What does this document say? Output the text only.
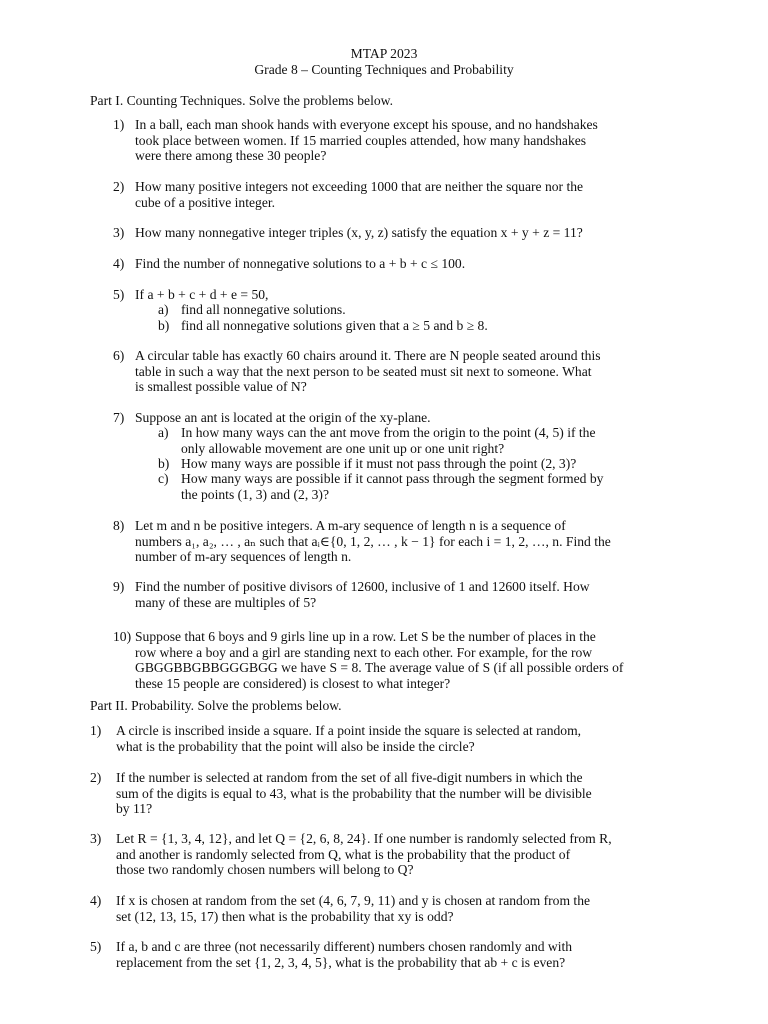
MTAP 2023
Grade 8 – Counting Techniques and Probability
Part I. Counting Techniques. Solve the problems below.
1) In a ball, each man shook hands with everyone except his spouse, and no handshakes

took place between women. If 15 married couples attended, how many handshakes

were there among these 30 people?

2) How many positive integers not exceeding 1000 that are neither the square nor the

cube of a positive integer.

3) How many nonnegative integer triples (x, y, z) satisfy the equation x + y + z = 11?

4) Find the number of nonnegative solutions to a + b + c ≤ 100.

5) If a + b + c + d + e = 50,

a) find all nonnegative solutions.
b) find all nonnegative solutions given that a ≥ 5 and b ≥ 8.
6) A circular table has exactly 60 chairs around it. There are N people seated around this

table in such a way that the next person to be seated must sit next to someone. What

is smallest possible value of N?

7) Suppose an ant is located at the origin of the xy-plane.

a) In how many ways can the ant move from the origin to the point (4, 5) if the
only allowable movement are one unit up or one unit right?
b) How many ways are possible if it must not pass through the point (2, 3)?
c) How many ways are possible if it cannot pass through the segment formed by
the points (1, 3) and (2, 3)?
8) Let m and n be positive integers. A m-ary sequence of length n is a sequence of

numbers a₁, a₂, … , aₙ such that aᵢ∈{0, 1, 2, … , k − 1} for each i = 1, 2, …, n. Find the

number of m-ary sequences of length n.

9) Find the number of positive divisors of 12600, inclusive of 1 and 12600 itself. How

many of these are multiples of 5?

10) Suppose that 6 boys and 9 girls line up in a row. Let S be the number of places in the

row where a boy and a girl are standing next to each other. For example, for the row

GBGGBBGBBGGGBGG we have S = 8. The average value of S (if all possible orders of

these 15 people are considered) is closest to what integer?

Part II. Probability. Solve the problems below.
1) A circle is inscribed inside a square. If a point inside the square is selected at random,

what is the probability that the point will also be inside the circle?

2) If the number is selected at random from the set of all five-digit numbers in which the

sum of the digits is equal to 43, what is the probability that the number will be divisible

by 11?

3) Let R = {1, 3, 4, 12}, and let Q = {2, 6, 8, 24}. If one number is randomly selected from R,

and another is randomly selected from Q, what is the probability that the product of

those two randomly chosen numbers will belong to Q?

4) If x is chosen at random from the set (4, 6, 7, 9, 11) and y is chosen at random from the

set (12, 13, 15, 17) then what is the probability that xy is odd?

5) If a, b and c are three (not necessarily different) numbers chosen randomly and with

replacement from the set {1, 2, 3, 4, 5}, what is the probability that ab + c is even?
